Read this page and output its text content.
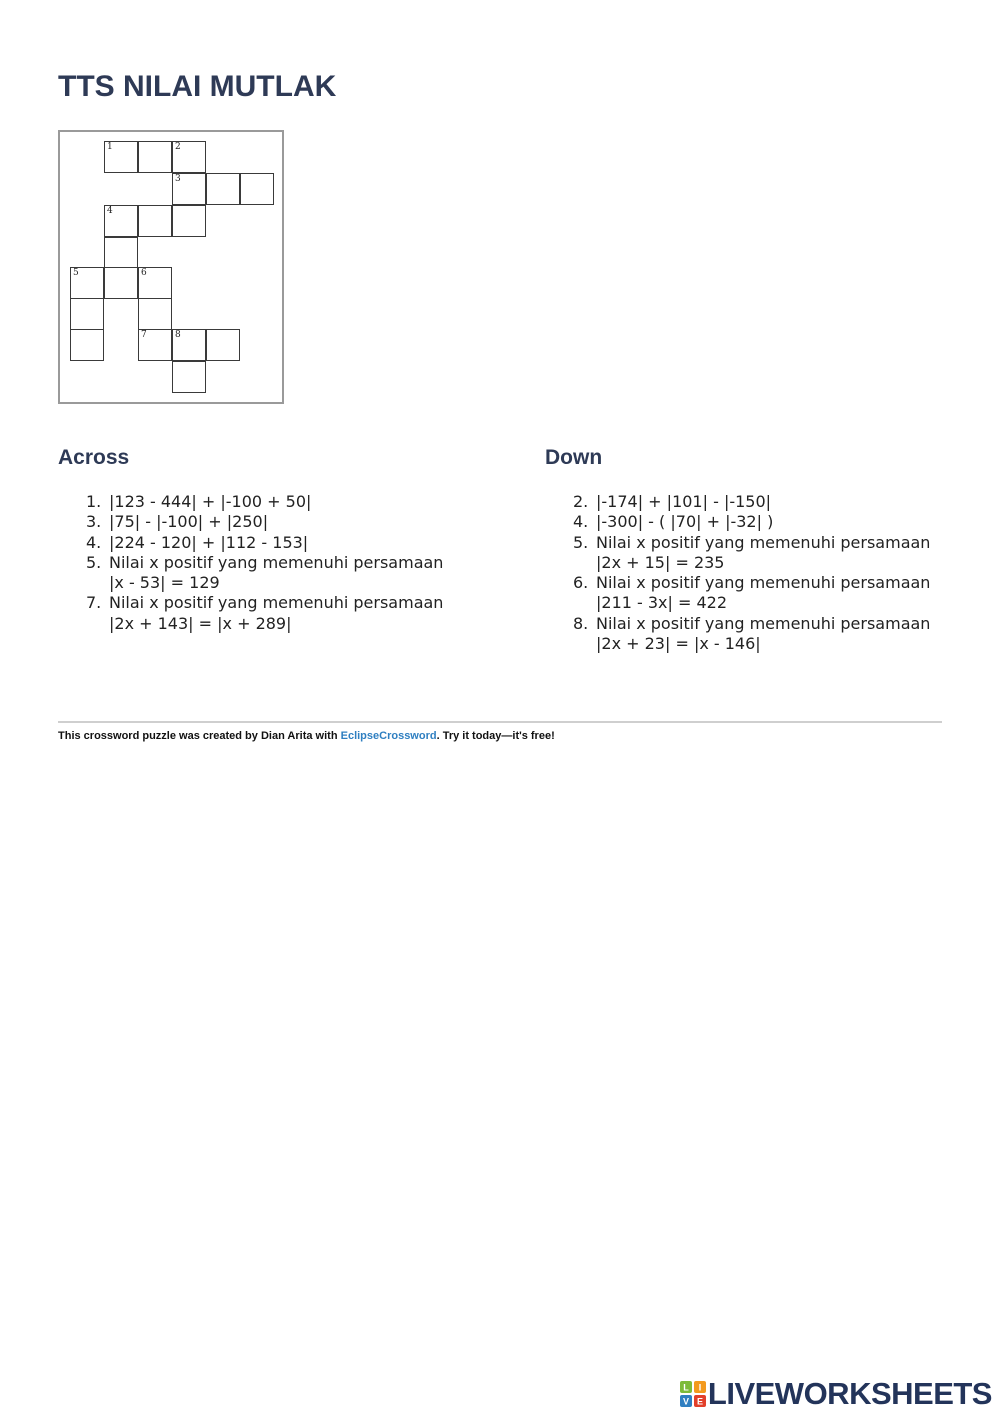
TTS NILAI MUTLAK
1	2
3
4
5	6
7	8
Across
1. |123 - 444| + |-100 + 50|
3. |75| - |-100| + |250|
4. |224 - 120| + |112 - 153|
5. Nilai x positif yang memenuhi persamaan
|x - 53| = 129
7. Nilai x positif yang memenuhi persamaan
|2x + 143| = |x + 289|
Down
2. |-174| + |101| - |-150|
4. |-300| - ( |70| + |-32| )
5. Nilai x positif yang memenuhi persamaan
|2x + 15| = 235
6. Nilai x positif yang memenuhi persamaan
|211 - 3x| = 422
8. Nilai x positif yang memenuhi persamaan
|2x + 23| = |x - 146|

This crossword puzzle was created by Dian Arita with EclipseCrossword. Try it today—it's free!

L I
V E LIVEWORKSHEETS
